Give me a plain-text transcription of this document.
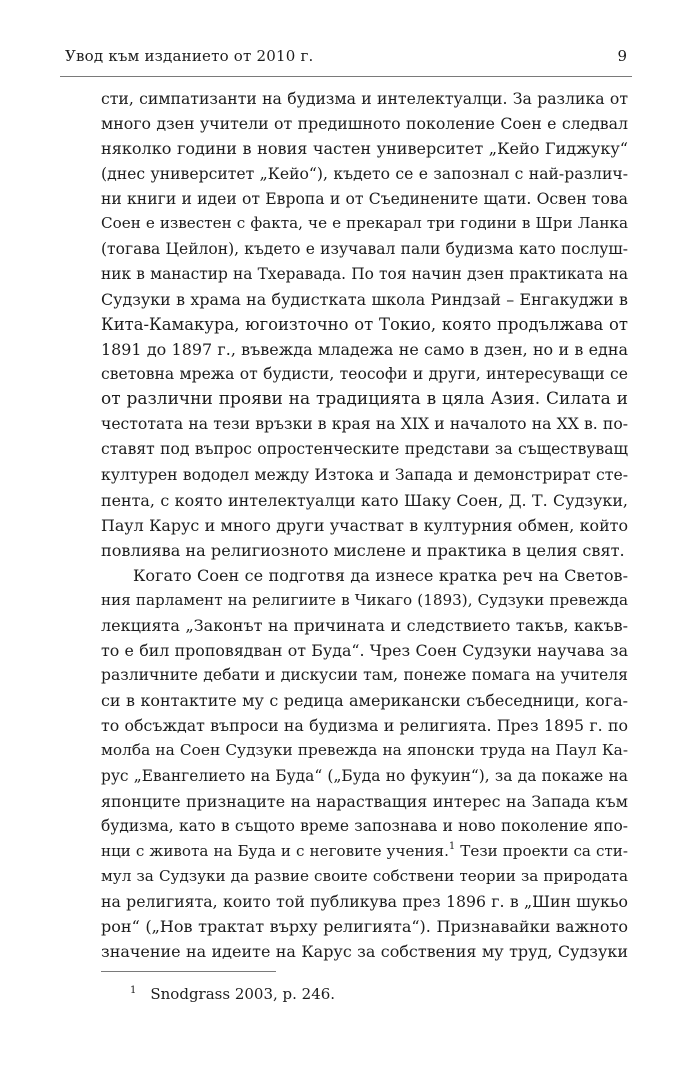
Увод към изданието от 2010 г.	9

сти, симпатизанти на будизма и интелектуалци. За разлика от
много дзен учители от предишното поколение Соен е следвал
няколко години в новия частен университет „Кейо Гиджуку“
(днес университет „Кейо“), където се е запознал с най-различ-
ни книги и идеи от Европа и от Съединените щати. Освен това
Соен е известен с факта, че е прекарал три години в Шри Ланка
(тогава Цейлон), където е изучавал пали будизма като послуш-
ник в манастир на Тхеравада. По тоя начин дзен практиката на
Судзуки в храма на будистката школа Риндзай – Енгакуджи в
Кита-Камакура, югоизточно от Токио, която продължава от
1891 до 1897 г., въвежда младежа не само в дзен, но и в една
световна мрежа от будисти, теософи и други, интересуващи се
от различни прояви на традицията в цяла Азия. Силата и
честотата на тези връзки в края на XIX и началото на XX в. по-
ставят под въпрос опростенческите представи за съществуващ
културен вододел между Изтока и Запада и демонстрират сте-
пента, с която интелектуалци като Шаку Соен, Д. Т. Судзуки,
Паул Карус и много други участват в културния обмен, който
повлиява на религиозното мислене и практика в целия свят.

Когато Соен се подготвя да изнесе кратка реч на Светов-
ния парламент на религиите в Чикаго (1893), Судзуки превежда
лекцията „Законът на причината и следствието такъв, какъв-
то е бил проповядван от Буда“. Чрез Соен Судзуки научава за
различните дебати и дискусии там, понеже помага на учителя
си в контактите му с редица американски събеседници, кога-
то обсъждат въпроси на будизма и религията. През 1895 г. по
молба на Соен Судзуки превежда на японски труда на Паул Ка-
рус „Евангелието на Буда“ („Буда но фукуин“), за да покаже на
японците признаците на нарастващия интерес на Запада към
будизма, като в същото време запознава и ново поколение япо-
нци с живота на Буда и с неговите учения.$^1$ Тези проекти са сти-
мул за Судзуки да развие своите собствени теории за природата
на религията, които той публикува през 1896 г. в „Шин шукьо
рон“ („Нов трактат върху религията“). Признавайки важното
значение на идеите на Карус за собствения му труд, Судзуки

$^1$ Snodgrass 2003, p. 246.
